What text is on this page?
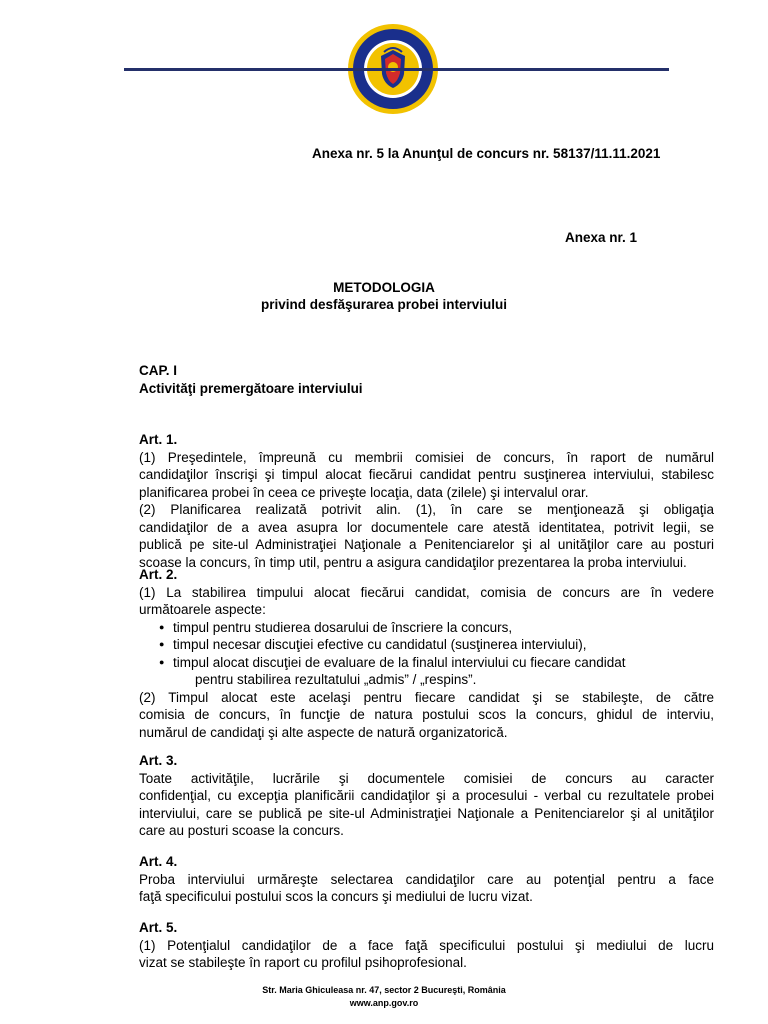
Anexa nr. 5 la Anunţul de concurs nr. 58137/11.11.2021
Anexa nr. 1
METODOLOGIA
privind desfăşurarea probei interviului
CAP. I
Activităţi premergătoare interviului
Art. 1.
(1) Preşedintele, împreună cu membrii comisiei de concurs, în raport de numărul
candidaţilor înscrişi şi timpul alocat fiecărui candidat pentru susţinerea interviului, stabilesc
planificarea probei în ceea ce priveşte locaţia, data (zilele) şi intervalul orar.
(2) Planificarea realizată potrivit alin. (1), în care se menţionează şi obligaţia
candidaţilor de a avea asupra lor documentele care atestă identitatea, potrivit legii, se
publică pe site-ul Administraţiei Naţionale a Penitenciarelor şi al unităţilor care au posturi
scoase la concurs, în timp util, pentru a asigura candidaţilor prezentarea la proba interviului.
Art. 2.
(1) La stabilirea timpului alocat fiecărui candidat, comisia de concurs are în vedere
următoarele aspecte:
● timpul pentru studierea dosarului de înscriere la concurs,
● timpul necesar discuţiei efective cu candidatul (susţinerea interviului),
● timpul alocat discuţiei de evaluare de la finalul interviului cu fiecare candidat
pentru stabilirea rezultatului „admis” / „respins”.
(2) Timpul alocat este acelaşi pentru fiecare candidat şi se stabileşte, de către
comisia de concurs, în funcţie de natura postului scos la concurs, ghidul de interviu,
numărul de candidaţi şi alte aspecte de natură organizatorică.
Art. 3.
Toate activităţile, lucrările şi documentele comisiei de concurs au caracter
confidenţial, cu excepţia planificării candidaţilor şi a procesului - verbal cu rezultatele probei
interviului, care se publică pe site-ul Administraţiei Naţionale a Penitenciarelor şi al unităţilor
care au posturi scoase la concurs.
Art. 4.
Proba interviului urmăreşte selectarea candidaţilor care au potenţial pentru a face
faţă specificului postului scos la concurs şi mediului de lucru vizat.
Art. 5.
(1) Potenţialul candidaţilor de a face faţă specificului postului şi mediului de lucru
vizat se stabileşte în raport cu profilul psihoprofesional.
Str. Maria Ghiculeasa nr. 47, sector 2 Bucureşti, România
www.anp.gov.ro
